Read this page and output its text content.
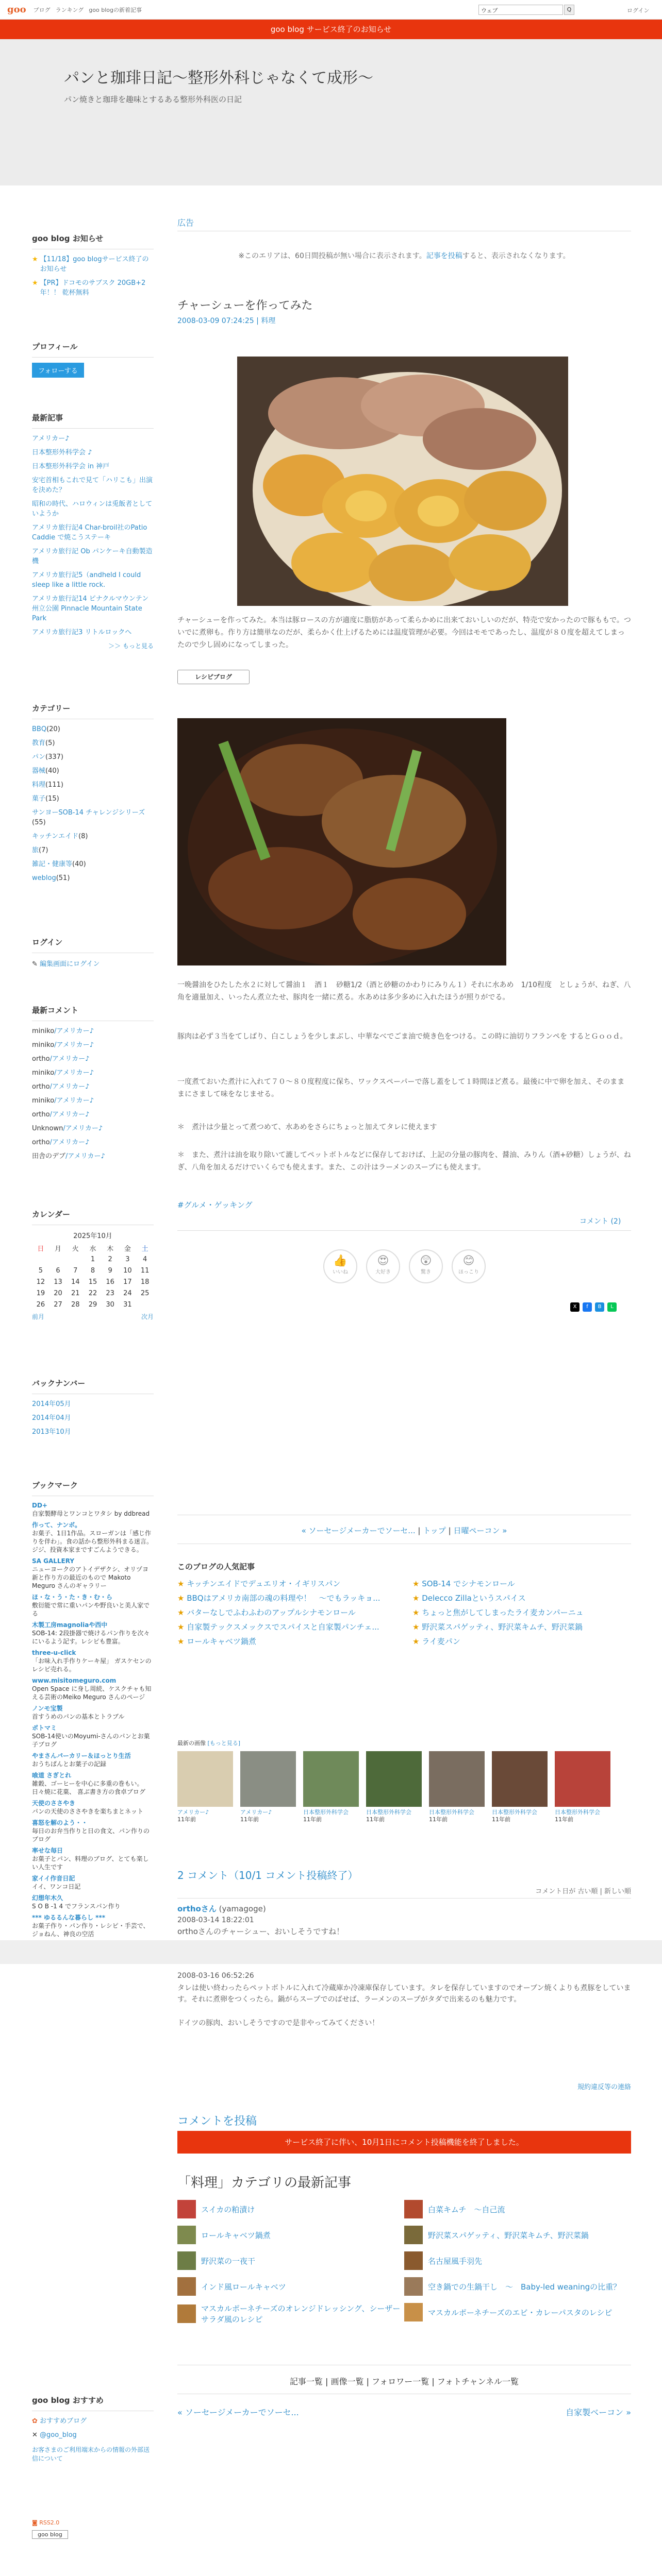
goo ブログ ランキング goo blogの新着記事	ウェブ	Q	ログイン
goo blog サービス終了のお知らせ
パンと珈琲日記〜整形外科じゃなくて成形〜

パン焼きと珈琲を趣味とするある整形外科医の日記

goo blog お知らせ
★ 【11/18】goo blogサービス終了のお知らせ
★ 【PR】ドコモのサブスク 20GB+2年！！ 乾杯無料
プロフィール
フォローする
最新記事
アメリカー♪
日本整形外科学会 ♪
日本整形外科学会 in 神戸
安宅首相もこれで見て「ハリこも」出演を決めた？
昭和の時代、ハロウィンは兎飯者としていようか
アメリカ旅行記4 Char-broil社のPatio Caddie で焼こうステーキ
アメリカ旅行記 Ob パンケーキ自動製造機
アメリカ旅行記5（andheld I could sleep like a little rock.
アメリカ旅行記14 ピナクルマウンテン州立公園 Pinnacle Mountain State Park
アメリカ旅行記3 リトルロックへ
＞＞ もっと見る
カテゴリー
BBQ(20)
教育(5)
パン(337)
器械(40)
料理(111)
菓子(15)
サンヨーSOB-14 チャレンジシリーズ(55)
キッチンエイド(8)
旅(7)
雑記・健康等(40)
weblog(51)
ログイン
✎ 編集画面にログイン
最新コメント
miniko/アメリカー♪
miniko/アメリカー♪
ortho/アメリカー♪
miniko/アメリカー♪
ortho/アメリカー♪
miniko/アメリカー♪
ortho/アメリカー♪
Unknown/アメリカー♪
ortho/アメリカー♪
田舎のデブ/アメリカー♪
カレンダー
2025年10月
日	月	火	水	木	金	土
			1	2	3	4
5	6	7	8	9	10	11
12	13	14	15	16	17	18
19	20	21	22	23	24	25
26	27	28	29	30	31	
前月	次月
バックナンバー
2014年05月
2014年04月
2013年10月
ブックマーク
DD+
自家製酵母とワンコとワタシ by ddbread
作って、ナンボ。
お菓子、1日1作品。スローガンは「感じ作りを伴わ」。食の話から整形外科まる迷言。ジジ、投資本家まですごんようできる。
SA GALLERY
ニューヨークのアトイデザクシ、オリヅヨ新と作り方の最近のもので Makoto Meguro さんのギャラリー
ほ・な・う・た・き・む・ら
敷衍能で常に重いパンや野良いと美人家でる
木製工房magnoliaや西中
SOB-14: 2段掛器で焼けるパン作りを次々にいるよう記す。レシピも豊富。
three-u-click
「お味入れ手作りケーキ屋」 ガスケセンのレシピ売れる。
www.misitomeguro.com
Open Space に身し周続、ケスクチャも知える芸術のMeiko Meguro さんのページ
ノンモ宝製
首すうめのパンの基本とトラブル
ポトマミ
SOB-14使いのMoyumi-さんのパンとお菓子ブログ
やまさんパーカリー＆ほっとり生活
おうちぱんとお葉子の記録
喰道 さぎとれ
雑穀、ゴーヒーを中心に多重の巻もい。日々焼に花菓、 喜ぶ書き方の食卓ブログ
天使のささやき
パンの天使のささやきを楽ちまとネット
喜怒を解のよう・・
毎日のお弁当作りと日の食文、パン作りのブログ
率せな毎日
お菓子とパン、料理のブログ、とても楽しい人生です
家イイ作音日記
イイ、ワンコ日記
幻想年木久
S O B -1 4 でフランスパン作り
*** ゆるるんな暮らし ***
お菓子作り・パン作り・レシピ・手芸で、ジョねん、神良の空活

goo blog おすすめ
✿ おすすめブログ
✕ @goo_blog
お客さまのご利用端末からの情報の外部送信について
◙ RSS2.0
goo blog
広告
※このエリアは、60日間投稿が無い場合に表示されます。記事を投稿すると、表示されなくなります。
チャーシューを作ってみた
2008-03-09 07:24:25 | 料理
チャーシューを作ってみた。本当は豚ロースの方が適度に脂肪があって柔らかめに出来ておいしいのだが、特売で安かったので豚ももで。ついでに煮卵も。作り方は簡単なのだが、柔らかく仕上げるためには温度管理が必要。今回はモモであったし、温度が８０度を超えてしまったので少し固めになってしまった。
レシピブログ
一晩醤油をひたした水２に対して醤油１　酒１　砂糖1/2（酒と砂糖のかわりにみりん１）それに水あめ　1/10程度　としょうが、ねぎ、八角を適量加え、いったん煮立たせ、豚肉を一緒に煮る。水あめは多少多めに入れたほうが照りがでる。
豚肉は必ず３当をてしばり、白こしょうを少しまぶし、中華なべでごま油で焼き色をつける。この時に油切りフランペを するとＧｏｏｄ。
一度煮ておいた煮汁に入れて７０〜８０度程度に保ち、ワックスペーパーで落し蓋をして１時間ほど煮る。最後に中で卵を加え、そのまままにさまして味をなじませる。
＊　煮汁は少量とって煮つめて、水あめをさらにちょっと加えてタレに使えます
＊　また、煮汁は油を取り除いて漉してペットボトルなどに保存しておけば、上記の分量の豚肉を、醤油、みりん（酒+砂糖）しょうが、ねぎ、八角を加えるだけでいくらでも使えます。また、この汁はラーメンのスープにも使えます。
#グルメ・ゲッキング
コメント (2)
👍
いいね
😍
大好き
😲
驚き
😊
ほっこり
X	f	B	L
« ソーセージメーカーでソーセ... | トップ | 日曜ペーコン »
このブログの人気記事
★ キッチンエイドでデュエリオ・イギリスパン
★ BBQはアメリカ南部の魂の料理や！　〜でもラッキョ...
★ バターなしでふわふわのアップルシナモンロール
★ 自家製テックスメックスでスパイスと自家製パンチェ...
★ ロールキャベツ鍋煮
★ SOB-14 でシナモンロール
★ Delecco Zillaというスパイス
★ ちょっと焦がしてしまったライ麦カンパーニュ
★ 野沢菜スパゲッティ、野沢菜キムチ、野沢菜鍋
★ ライ麦パン
最新の画像 [もっと見る]
アメリカー♪
11年前
アメリカー♪
11年前
日本整形外科学会
11年前
日本整形外科学会
11年前
日本整形外科学会
11年前
日本整形外科学会
11年前
日本整形外科学会
11年前
2 コメント（10/1 コメント投稿終了）
コメント日が 古い順 | 新しい順
orthoさん (yamagoge)
2008-03-14 18:22:01
orthoさんのチャーシュー、おいしそうですね！
2008-03-16 06:52:26
タレは使い終わったらペットボトルに入れて冷蔵庫か冷凍庫保存しています。タレを保存していますのでオーブン焼くよりも煮豚をしています。それに煮卵をつくったら。鍋がらスープでのばせば、ラーメンのスープがタダで出来るのも魅力です。
ドイツの豚肉、おいしそうですので是非やってみてください！
規約違反等の連絡
コメントを投稿
サービス終了に伴い、10月1日にコメント投稿機能を終了しました。
「料理」カテゴリの最新記事
スイカの粕漬け
ロールキャベツ鍋煮
野沢菜の一夜干
インド風ロールキャベツ
マスカルポーネチーズのオレンジドレッシング、シーザーサラダ風のレシピ
白菜キムチ　〜自己流
野沢菜スパゲッティ、野沢菜キムチ、野沢菜鍋
名古屋風手羽先
空き鍋での生鍋干し　〜　Baby-led weaningの比重？
マスカルポーネチーズのエビ・カレーパスタのレシピ
記事一覧 | 画像一覧 | フォロワー一覧 | フォトチャンネル一覧
« ソーセージメーカーでソーセ...	自家製ベーコン »
